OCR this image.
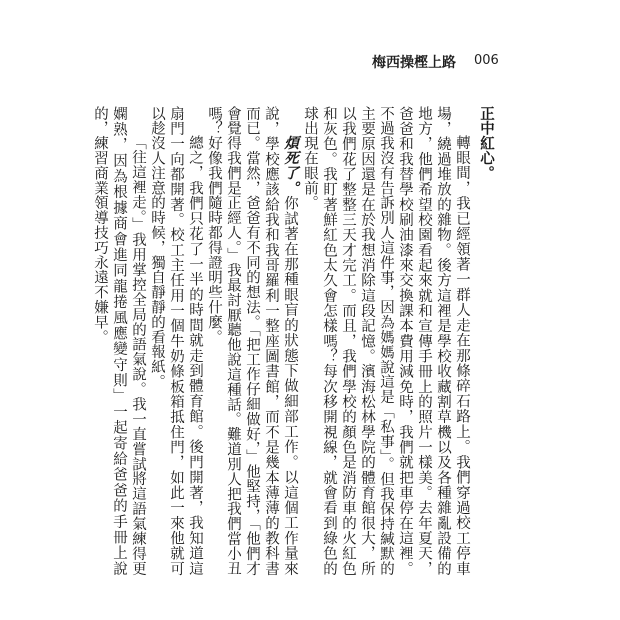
梅西操樫上路 006

正中紅心。

轉眼間，我已經領著一群人走在那條碎石路上。我們穿過校工停車場，繞過堆放的雜物。後方這裡是學校收藏割草機以及各種雜亂設備的地方，他們希望校園看起來就和宣傳手冊上的照片一樣美。去年夏天，爸爸和我替學校刷油漆來交換課本費用減免時，我們就把車停在這裡。不過我沒有告訴別人這件事，因為媽媽說這是「私事」。但我保持緘默的主要原因還是在於我想消除這段記憶。濱海松林學院的體育館很大，所以我們花了整整三天才完工。而且，我們學校的顏色是消防車的火紅色和灰色。我盯著鮮紅色太久會怎樣嗎？每次移開視線，就會看到綠色的球出現在眼前。

煩死了。你試著在那種眼盲的狀態下做細部工作。以這個工作量來說，學校應該給我和我哥羅利一整座圖書館，而不是幾本薄薄的教科書而已。當然，爸爸有不同的想法。「把工作仔細做好，」他堅持，「他們才會覺得我們是正經人。」我最討厭聽他說這種話。難道別人把我們當小丑嗎？好像我們隨時都得證明些什麼。

總之，我們只花了一半的時間就走到體育館。後門開著，我知道這扇門一向都開著。校工主任用一個牛奶條板箱抵住門，如此一來他就可以趁沒人注意的時候，獨自靜靜的看報紙。

「往這裡走。」我用掌控全局的語氣說。我一直嘗試將這語氣練得更嫻熟，因為根據商會進同龍捲風應變守則」一起寄給爸爸的手冊上說的，練習商業領導技巧永遠不嫌早。
